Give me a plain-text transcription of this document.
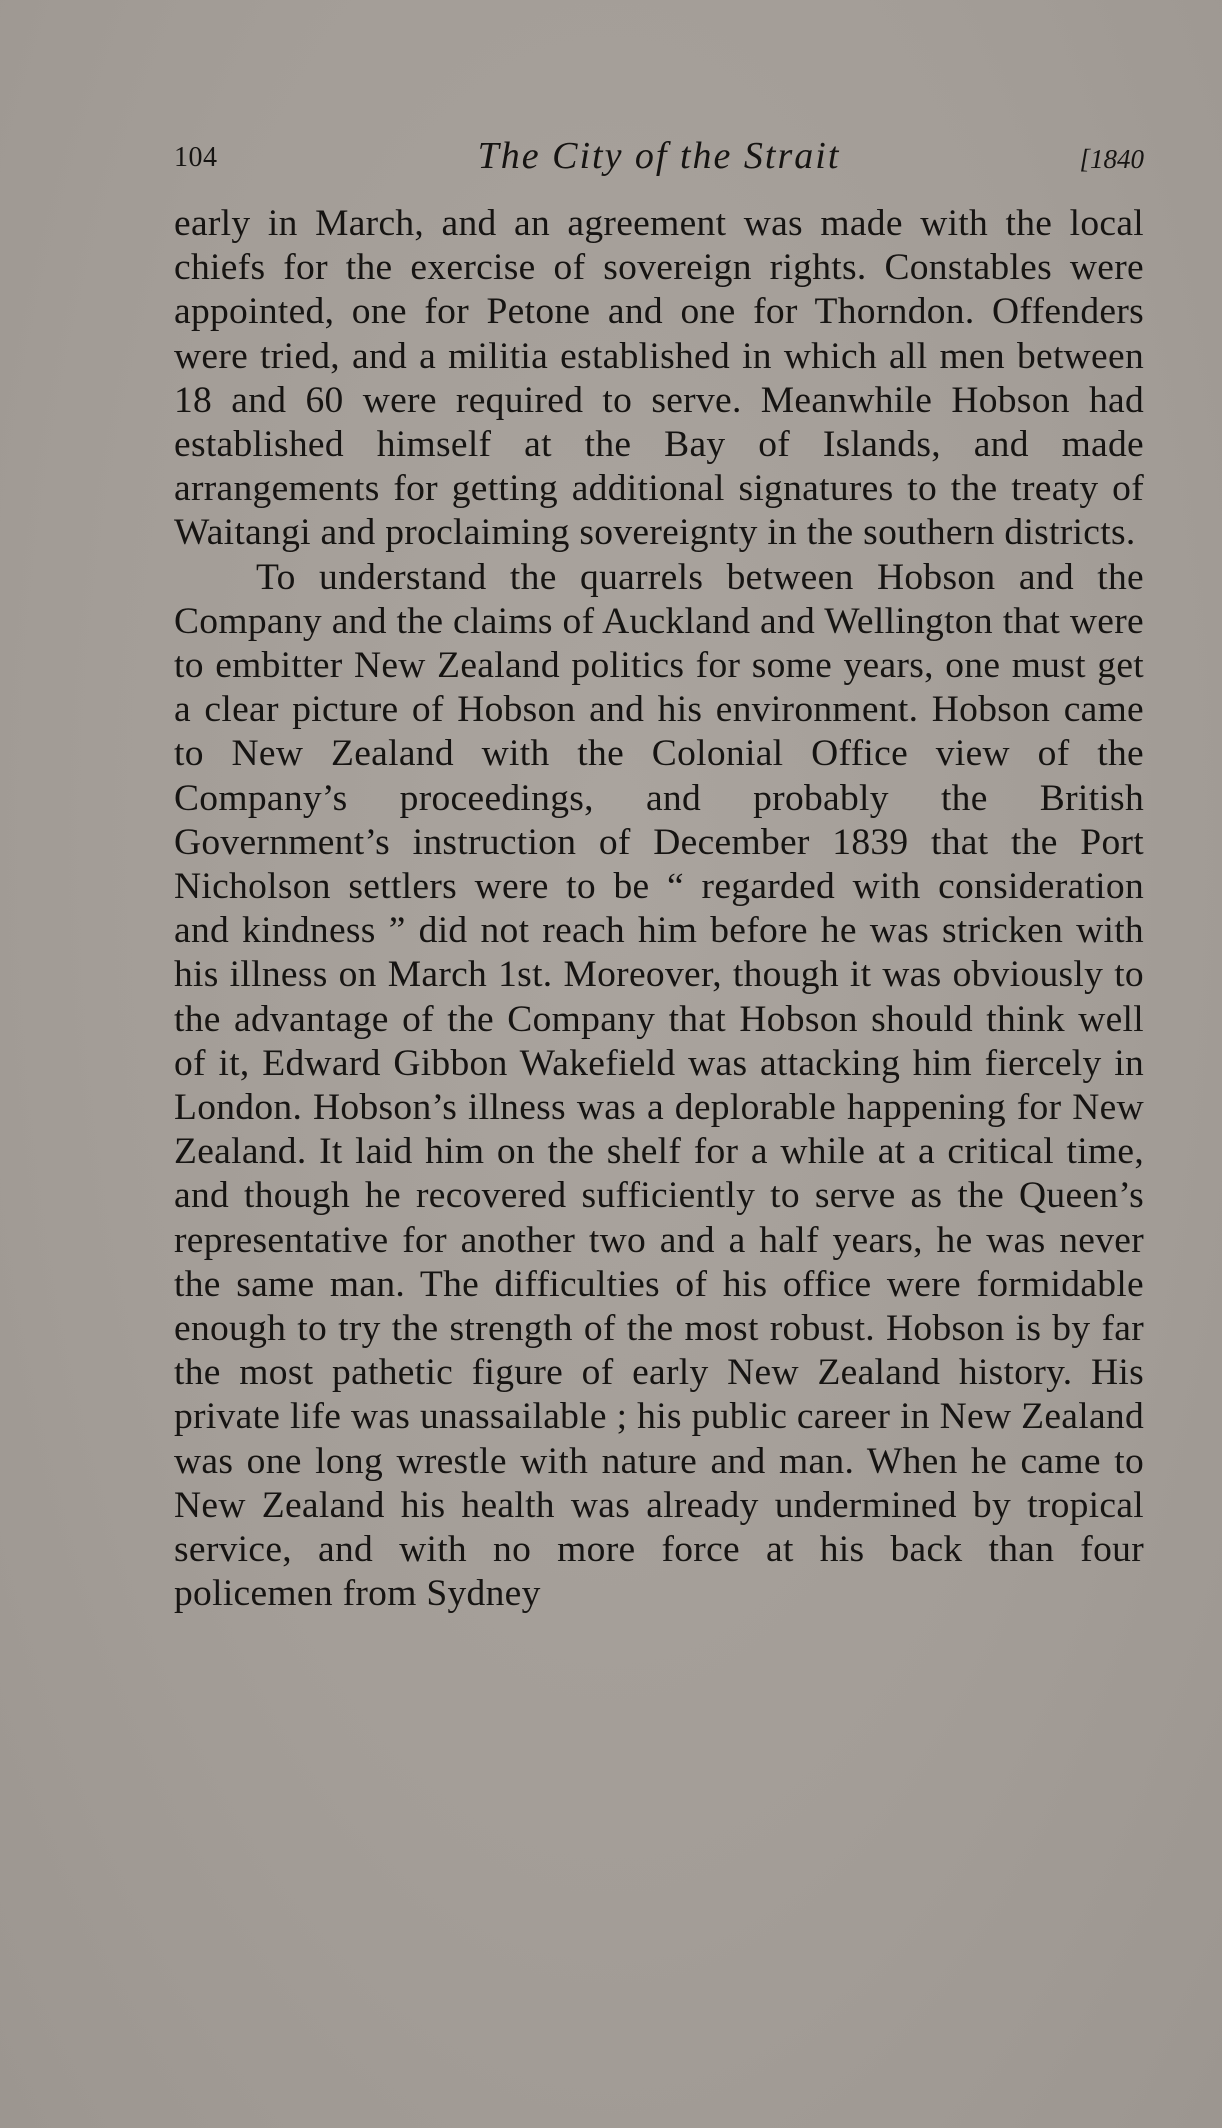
104	The City of the Strait	[1840

early in March, and an agreement was made with the local chiefs for the exercise of sovereign rights. Constables were appointed, one for Petone and one for Thorndon. Offenders were tried, and a militia established in which all men between 18 and 60 were required to serve. Meanwhile Hobson had established himself at the Bay of Islands, and made arrangements for getting additional signatures to the treaty of Waitangi and proclaiming sovereignty in the southern districts.

To understand the quarrels between Hobson and the Company and the claims of Auckland and Wellington that were to embitter New Zealand politics for some years, one must get a clear picture of Hobson and his environment. Hobson came to New Zealand with the Colonial Office view of the Company’s proceedings, and probably the British Government’s instruction of December 1839 that the Port Nicholson settlers were to be “ regarded with consideration and kindness ” did not reach him before he was stricken with his illness on March 1st. Moreover, though it was obviously to the advantage of the Company that Hobson should think well of it, Edward Gibbon Wakefield was attacking him fiercely in London. Hobson’s illness was a deplorable happening for New Zealand. It laid him on the shelf for a while at a critical time, and though he recovered sufficiently to serve as the Queen’s representative for another two and a half years, he was never the same man. The difficulties of his office were formidable enough to try the strength of the most robust. Hobson is by far the most pathetic figure of early New Zealand history. His private life was unassailable ; his public career in New Zealand was one long wrestle with nature and man. When he came to New Zealand his health was already undermined by tropical service, and with no more force at his back than four policemen from Sydney
